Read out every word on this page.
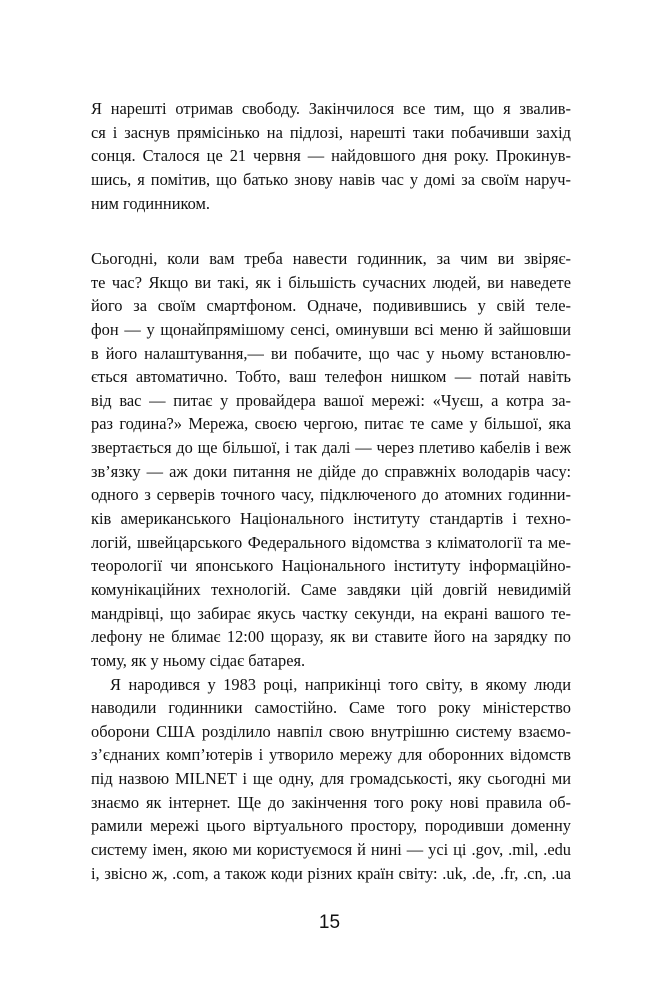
Я нарешті отримав свободу. Закінчилося все тим, що я звалив-
ся і заснув прямісінько на підлозі, нарешті таки побачивши захід
сонця. Сталося це 21 червня — найдовшого дня року. Прокинув-
шись, я помітив, що батько знову навів час у домі за своїм наруч-
ним годинником.
Сьогодні, коли вам треба навести годинник, за чим ви звіряє-
те час? Якщо ви такі, як і більшість сучасних людей, ви наведете
його за своїм смартфоном. Одначе, подивившись у свій теле-
фон — у щонайпрямішому сенсі, оминувши всі меню й зайшовши
в його налаштування,— ви побачите, що час у ньому встановлю-
ється автоматично. Тобто, ваш телефон нишком — потай навіть
від вас — питає у провайдера вашої мережі: «Чуєш, а котра за-
раз година?» Мережа, своєю чергою, питає те саме у більшої, яка
звертається до ще більшої, і так далі — через плетиво кабелів і веж
зв’язку — аж доки питання не дійде до справжніх володарів часу:
одного з серверів точного часу, підключеного до атомних годинни-
ків американського Національного інституту стандартів і техно-
логій, швейцарського Федерального відомства з кліматології та ме-
теорології чи японського Національного інституту інформаційно-
комунікаційних технологій. Саме завдяки цій довгій невидимій
мандрівці, що забирає якусь частку секунди, на екрані вашого те-
лефону не блимає 12:00 щоразу, як ви ставите його на зарядку по
тому, як у ньому сідає батарея.
Я народився у 1983 році, наприкінці того світу, в якому люди
наводили годинники самостійно. Саме того року міністерство
оборони США розділило навпіл свою внутрішню систему взаємо-
з’єднаних комп’ютерів і утворило мережу для оборонних відомств
під назвою MILNET і ще одну, для громадськості, яку сьогодні ми
знаємо як інтернет. Ще до закінчення того року нові правила об-
рамили мережі цього віртуального простору, породивши доменну
систему імен, якою ми користуємося й нині — усі ці .gov, .mil, .edu
і, звісно ж, .com, а також коди різних країн світу: .uk, .de, .fr, .cn, .ua
15
